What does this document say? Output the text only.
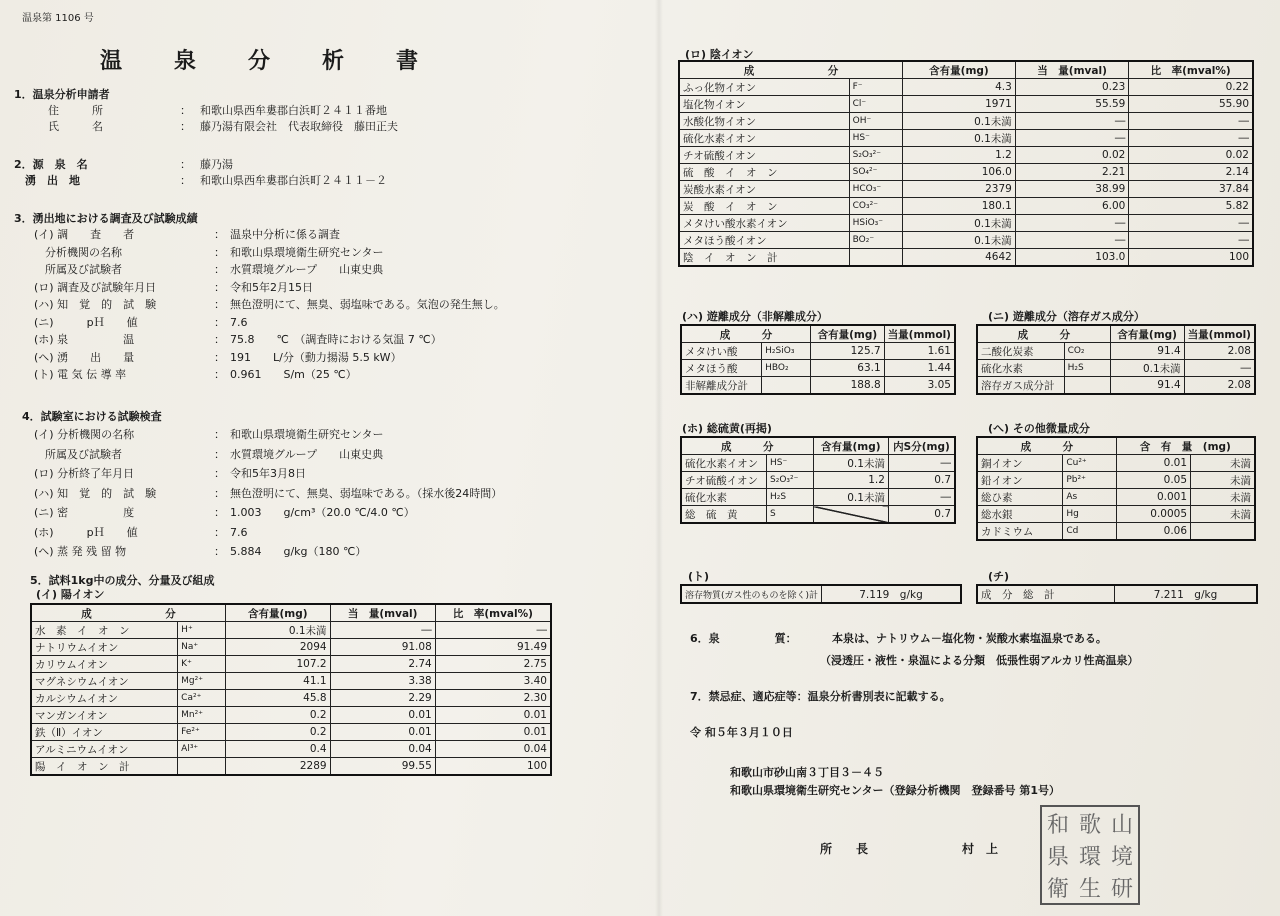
温泉第 1106 号
温泉分析書
1．温泉分析申請者
住　　　所	： 和歌山県西牟婁郡白浜町２４１１番地
氏　　　名	： 藤乃湯有限会社　代表取締役　藤田正夫
2．源　泉　名	： 藤乃湯
　湧　出　地	： 和歌山県西牟婁郡白浜町２４１１－２
3．湧出地における調査及び試験成績
(イ) 調　　査　　者	： 温泉中分析に係る調査
　分析機関の名称	： 和歌山県環境衛生研究センター
　所属及び試験者	： 水質環境グループ　　山東史典
(ロ) 調査及び試験年月日	： 令和5年2月15日
(ハ) 知　覚　的　試　験	： 無色澄明にて、無臭、弱塩味である。気泡の発生無し。
(ニ)　　　pＨ　　値	： 7.6
(ホ) 泉　　　　　温	： 75.8　　℃　（調査時における気温 7 ℃）
(ヘ) 湧　　出　　量	： 191　　L/分（動力揚湯 5.5 kW）
(ト) 電 気 伝 導 率	： 0.961　　S/m（25 ℃）
4．試験室における試験検査
(イ) 分析機関の名称	： 和歌山県環境衛生研究センター
　所属及び試験者	： 水質環境グループ　　山東史典
(ロ) 分析終了年月日	： 令和5年3月8日
(ハ) 知　覚　的　試　験	： 無色澄明にて、無臭、弱塩味である。（採水後24時間）
(ニ) 密　　　　　度	： 1.003　　g/cm³（20.0 ℃/4.0 ℃）
(ホ)　　　pＨ　　値	： 7.6
(ヘ) 蒸 発 残 留 物	： 5.884　　g/kg（180 ℃）
5．試料1kg中の成分、分量及び組成
(イ) 陽イオン
成　　　　　　　分		含有量(mg)	当　量(mval)	比　率(mval%)
水　素　イ　オ　ン	H⁺	0.1未満	―	―
ナトリウムイオン	Na⁺	2094	91.08	91.49
カリウムイオン	K⁺	107.2	2.74	2.75
マグネシウムイオン	Mg²⁺	41.1	3.38	3.40
カルシウムイオン	Ca²⁺	45.8	2.29	2.30
マンガンイオン	Mn²⁺	0.2	0.01	0.01
鉄（Ⅱ）イオン	Fe²⁺	0.2	0.01	0.01
アルミニウムイオン	Al³⁺	0.4	0.04	0.04
陽　イ　オ　ン　計		2289	99.55	100
(ロ) 陰イオン
成　　　　　　　分		含有量(mg)	当　量(mval)	比　率(mval%)
ふっ化物イオン	F⁻	4.3	0.23	0.22
塩化物イオン	Cl⁻	1971	55.59	55.90
水酸化物イオン	OH⁻	0.1未満	―	―
硫化水素イオン	HS⁻	0.1未満	―	―
チオ硫酸イオン	S₂O₃²⁻	1.2	0.02	0.02
硫　酸　イ　オ　ン	SO₄²⁻	106.0	2.21	2.14
炭酸水素イオン	HCO₃⁻	2379	38.99	37.84
炭　酸　イ　オ　ン	CO₃²⁻	180.1	6.00	5.82
メタけい酸水素イオン	HSiO₃⁻	0.1未満	―	―
メタほう酸イオン	BO₂⁻	0.1未満	―	―
陰　イ　オ　ン　計		4642	103.0	100
(ハ) 遊離成分（非解離成分）
成　　　分		含有量(mg)	当量(mmol)
メタけい酸	H₂SiO₃	125.7	1.61
メタほう酸	HBO₂	63.1	1.44
非解離成分計		188.8	3.05
(ニ) 遊離成分（溶存ガス成分）
成　　　分		含有量(mg)	当量(mmol)
二酸化炭素	CO₂	91.4	2.08
硫化水素	H₂S	0.1未満	―
溶存ガス成分計		91.4	2.08
(ホ) 総硫黄(再掲)
成　　　分		含有量(mg)	内S分(mg)
硫化水素イオン	HS⁻	0.1未満	―
チオ硫酸イオン	S₂O₃²⁻	1.2	0.7
硫化水素	H₂S	0.1未満	―
総　硫　黄	S		0.7
(ヘ) その他微量成分
成　　　分		含　有　量　(mg)	
銅イオン	Cu²⁺	0.01	未満
鉛イオン	Pb²⁺	0.05	未満
総ひ素	As	0.001	未満
総水銀	Hg	0.0005	未満
カドミウム	Cd	0.06	
(ト)
溶存物質(ガス性のものを除く)計	7.119　g/kg
(チ)
成　分　総　計	7.211　g/kg
6．泉　　　　　質：	本泉は、ナトリウム－塩化物・炭酸水素塩温泉である。
（浸透圧・液性・泉温による分類　低張性弱アルカリ性高温泉）
7．禁忌症、適応症等：温泉分析書別表に記載する。
令 和５年３月１０日
和歌山市砂山南３丁目３－４５
和歌山県環境衛生研究センター（登録分析機関　登録番号 第1号）
所　　長	村　上
和 歌 山
県 環 境
衛 生 研
